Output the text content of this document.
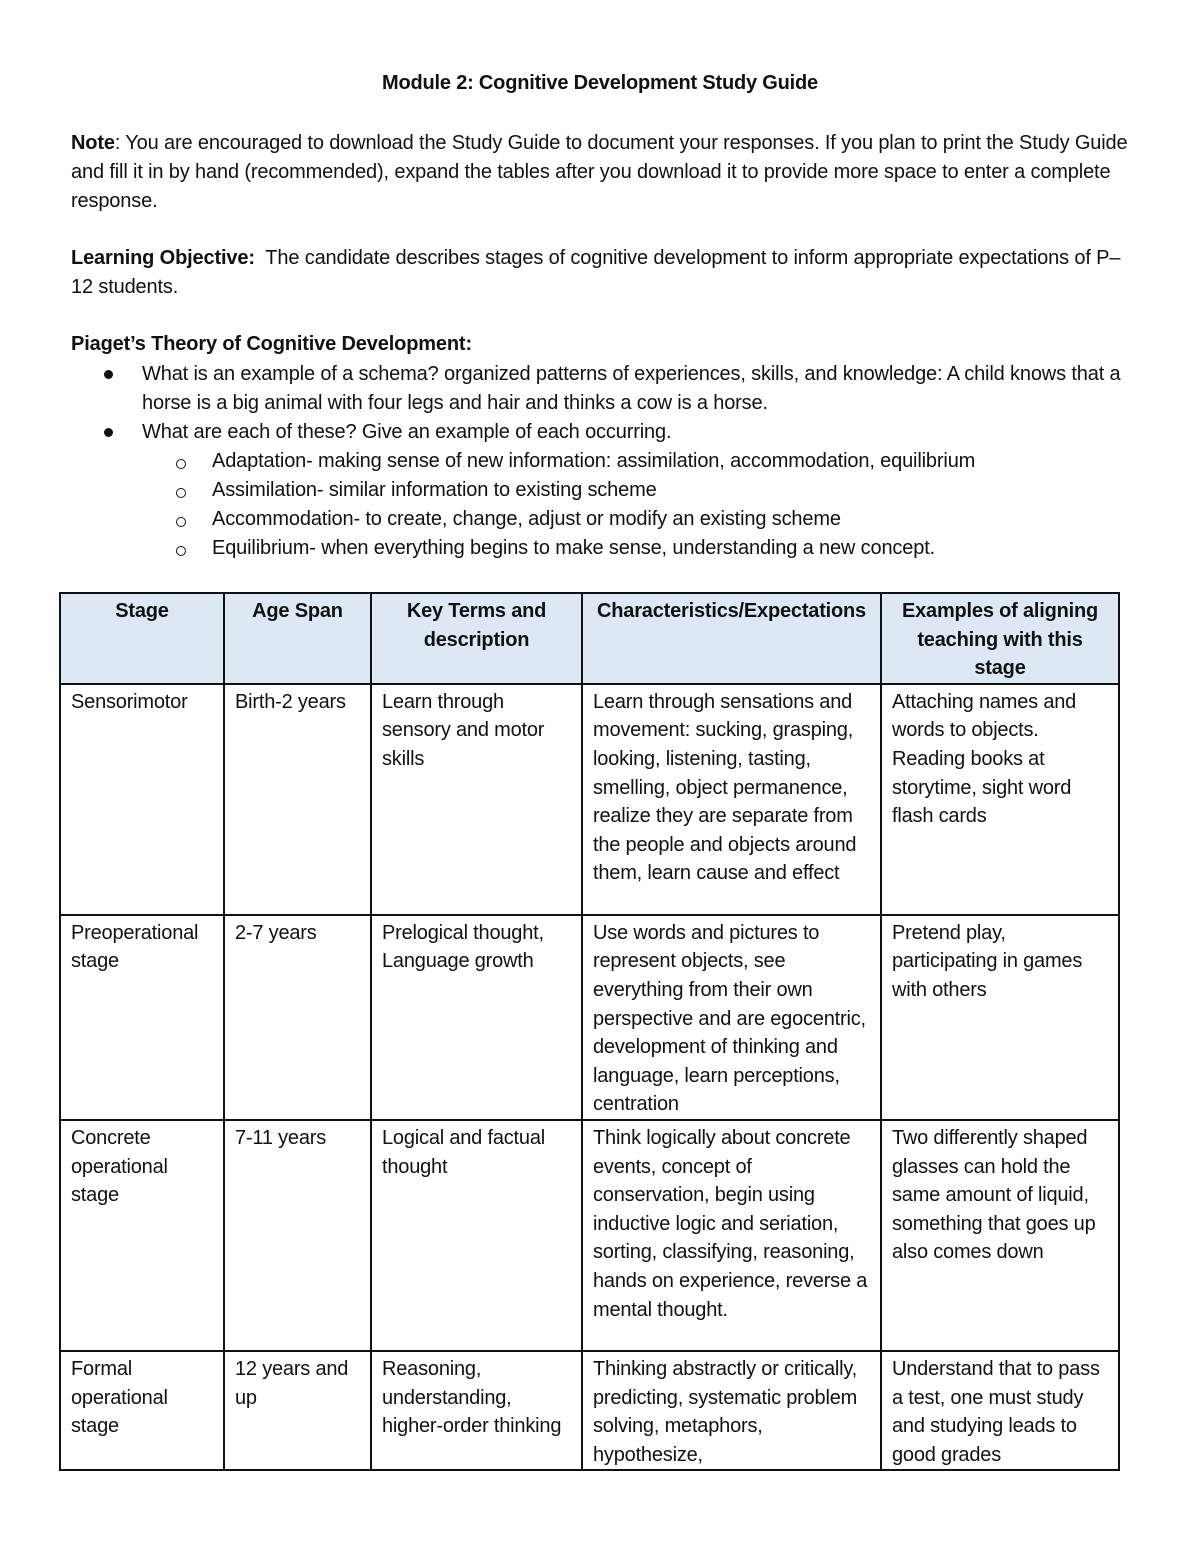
Module 2: Cognitive Development Study Guide
Note: You are encouraged to download the Study Guide to document your responses. If you plan to print the Study Guide and fill it in by hand (recommended), expand the tables after you download it to provide more space to enter a complete response.
Learning Objective:  The candidate describes stages of cognitive development to inform appropriate expectations of P–12 students.
Piaget’s Theory of Cognitive Development:
What is an example of a schema? organized patterns of experiences, skills, and knowledge: A child knows that a horse is a big animal with four legs and hair and thinks a cow is a horse.
What are each of these? Give an example of each occurring.
Adaptation- making sense of new information: assimilation, accommodation, equilibrium
Assimilation- similar information to existing scheme
Accommodation- to create, change, adjust or modify an existing scheme
Equilibrium- when everything begins to make sense, understanding a new concept.
Stage	Age Span	Key Terms and description	Characteristics/Expectations	Examples of aligning teaching with this stage
Sensorimotor	Birth-2 years	Learn through sensory and motor skills	Learn through sensations and movement: sucking, grasping, looking, listening, tasting, smelling, object permanence, realize they are separate from the people and objects around them, learn cause and effect	Attaching names and words to objects. Reading books at storytime, sight word flash cards
Preoperational stage	2-7 years	Prelogical thought, Language growth	Use words and pictures to represent objects, see everything from their own perspective and are egocentric, development of thinking and language, learn perceptions, centration	Pretend play, participating in games with others
Concrete operational stage	7-11 years	Logical and factual thought	Think logically about concrete events, concept of conservation, begin using inductive logic and seriation, sorting, classifying, reasoning, hands on experience, reverse a mental thought.	Two differently shaped glasses can hold the same amount of liquid, something that goes up also comes down
Formal operational stage	12 years and up	Reasoning, understanding, higher-order thinking	Thinking abstractly or critically, predicting, systematic problem solving, metaphors, hypothesize,	Understand that to pass a test, one must study and studying leads to good grades
